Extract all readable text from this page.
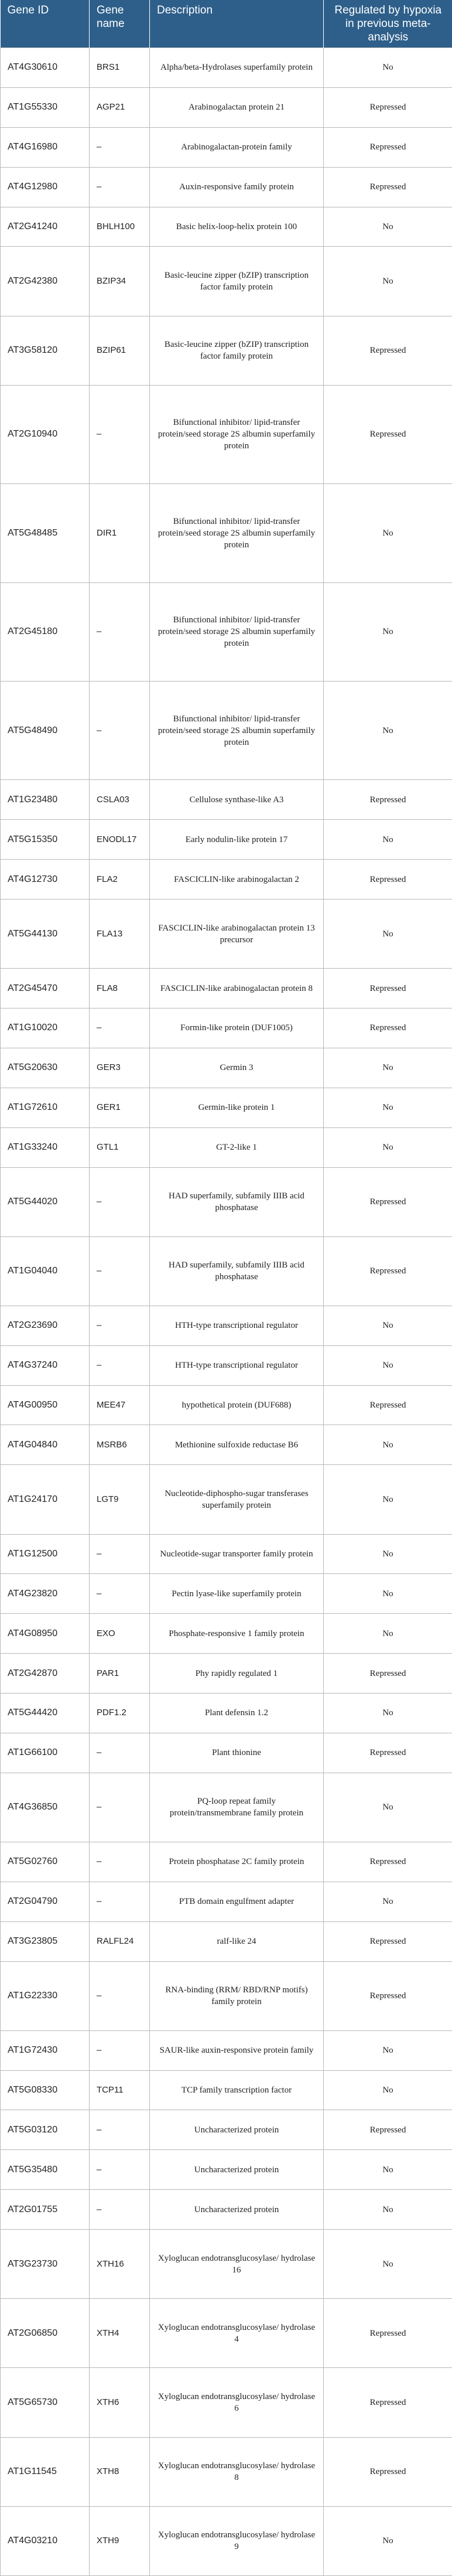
Gene ID	Gene name	Description	Regulated by hypoxia in previous meta-analysis
AT4G30610	BRS1	Alpha/beta-Hydrolases superfamily protein	No
AT1G55330	AGP21	Arabinogalactan protein 21	Repressed
AT4G16980	–	Arabinogalactan-protein family	Repressed
AT4G12980	–	Auxin-responsive family protein	Repressed
AT2G41240	BHLH100	Basic helix-loop-helix protein 100	No
AT2G42380	BZIP34	Basic-leucine zipper (bZIP) transcription factor family protein	No
AT3G58120	BZIP61	Basic-leucine zipper (bZIP) transcription factor family protein	Repressed
AT2G10940	–	Bifunctional inhibitor/ lipid-transfer protein/seed storage 2S albumin superfamily protein	Repressed
AT5G48485	DIR1	Bifunctional inhibitor/ lipid-transfer protein/seed storage 2S albumin superfamily protein	No
AT2G45180	–	Bifunctional inhibitor/ lipid-transfer protein/seed storage 2S albumin superfamily protein	No
AT5G48490	–	Bifunctional inhibitor/ lipid-transfer protein/seed storage 2S albumin superfamily protein	No
AT1G23480	CSLA03	Cellulose synthase-like A3	Repressed
AT5G15350	ENODL17	Early nodulin-like protein 17	No
AT4G12730	FLA2	FASCICLIN-like arabinogalactan 2	Repressed
AT5G44130	FLA13	FASCICLIN-like arabinogalactan protein 13 precursor	No
AT2G45470	FLA8	FASCICLIN-like arabinogalactan protein 8	Repressed
AT1G10020	–	Formin-like protein (DUF1005)	Repressed
AT5G20630	GER3	Germin 3	No
AT1G72610	GER1	Germin-like protein 1	No
AT1G33240	GTL1	GT-2-like 1	No
AT5G44020	–	HAD superfamily, subfamily IIIB acid phosphatase	Repressed
AT1G04040	–	HAD superfamily, subfamily IIIB acid phosphatase	Repressed
AT2G23690	–	HTH-type transcriptional regulator	No
AT4G37240	–	HTH-type transcriptional regulator	No
AT4G00950	MEE47	hypothetical protein (DUF688)	Repressed
AT4G04840	MSRB6	Methionine sulfoxide reductase B6	No
AT1G24170	LGT9	Nucleotide-diphospho-sugar transferases superfamily protein	No
AT1G12500	–	Nucleotide-sugar transporter family protein	No
AT4G23820	–	Pectin lyase-like superfamily protein	No
AT4G08950	EXO	Phosphate-responsive 1 family protein	No
AT2G42870	PAR1	Phy rapidly regulated 1	Repressed
AT5G44420	PDF1.2	Plant defensin 1.2	No
AT1G66100	–	Plant thionine	Repressed
AT4G36850	–	PQ-loop repeat family protein/transmembrane family protein	No
AT5G02760	–	Protein phosphatase 2C family protein	Repressed
AT2G04790	–	PTB domain engulfment adapter	No
AT3G23805	RALFL24	ralf-like 24	Repressed
AT1G22330	–	RNA-binding (RRM/ RBD/RNP motifs) family protein	Repressed
AT1G72430	–	SAUR-like auxin-responsive protein family	No
AT5G08330	TCP11	TCP family transcription factor	No
AT5G03120	–	Uncharacterized protein	Repressed
AT5G35480	–	Uncharacterized protein	No
AT2G01755	–	Uncharacterized protein	No
AT3G23730	XTH16	Xyloglucan endotransglucosylase/ hydrolase 16	No
AT2G06850	XTH4	Xyloglucan endotransglucosylase/ hydrolase 4	Repressed
AT5G65730	XTH6	Xyloglucan endotransglucosylase/ hydrolase 6	Repressed
AT1G11545	XTH8	Xyloglucan endotransglucosylase/ hydrolase 8	Repressed
AT4G03210	XTH9	Xyloglucan endotransglucosylase/ hydrolase 9	No
